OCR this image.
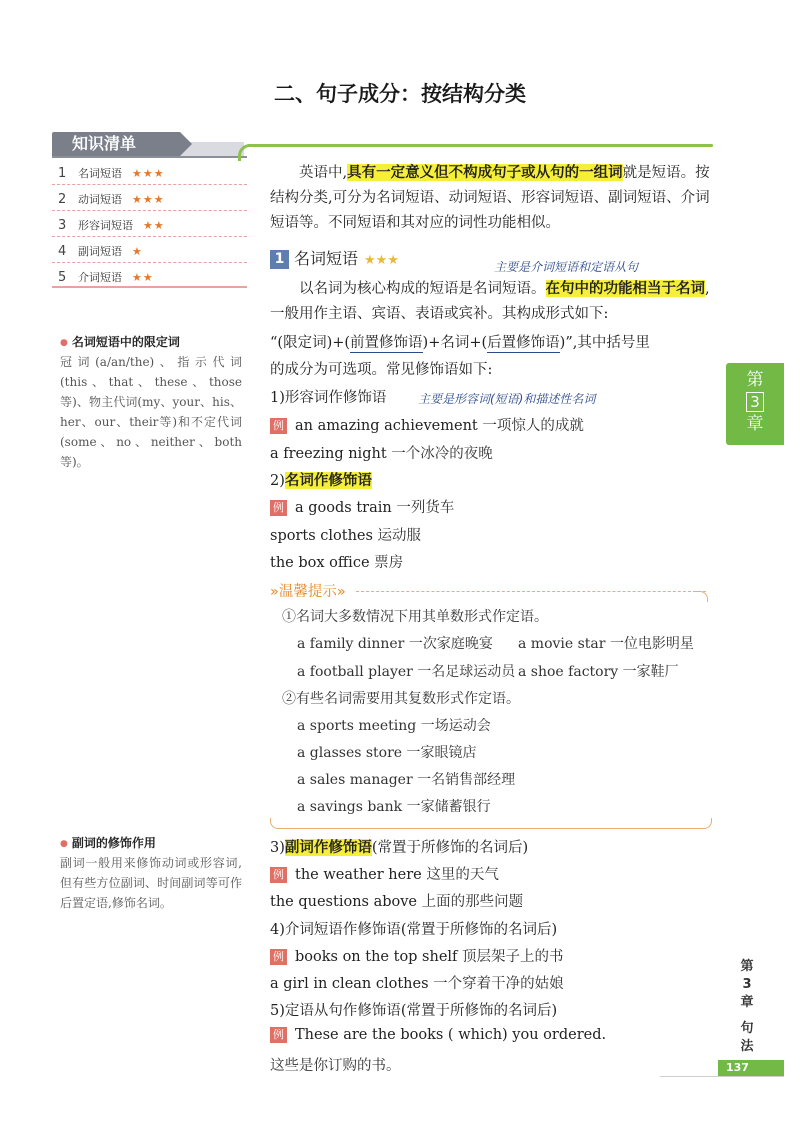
二、句子成分：按结构分类
知识清单
1	名词短语 ★★★
2	动词短语 ★★★
3	形容词短语 ★★
4	副词短语 ★
5	介词短语 ★★
英语中,具有一定意义但不构成句子或从句的一组词就是短语。按结构分类,可分为名词短语、动词短语、形容词短语、副词短语、介词短语等。不同短语和其对应的词性功能相似。
1 名词短语 ★★★	主要是介词短语和定语从句
以名词为核心构成的短语是名词短语。在句中的功能相当于名词,一般用作主语、宾语、表语或宾补。其构成形式如下:
“(限定词)+(前置修饰语)+名词+(后置修饰语)”,其中括号里
的成分为可选项。常见修饰语如下:
1)形容词作修饰语	主要是形容词(短语)和描述性名词
例 an amazing achievement 一项惊人的成就
a freezing night 一个冰冷的夜晚
2)名词作修饰语
例 a goods train 一列货车
sports clothes 运动服
the box office 票房
»温馨提示»
①名词大多数情况下用其单数形式作定语。
a family dinner 一次家庭晚宴 a movie star 一位电影明星
a football player 一名足球运动员 a shoe factory 一家鞋厂
②有些名词需要用其复数形式作定语。
a sports meeting 一场运动会
a glasses store 一家眼镜店
a sales manager 一名销售部经理
a savings bank 一家储蓄银行
3)副词作修饰语(常置于所修饰的名词后)
例 the weather here 这里的天气
the questions above 上面的那些问题
4)介词短语作修饰语(常置于所修饰的名词后)
例 books on the top shelf 顶层架子上的书
a girl in clean clothes 一个穿着干净的姑娘
5)定语从句作修饰语(常置于所修饰的名词后)
例 These are the books ( which) you ordered.
这些是你订购的书。
● 名词短语中的限定词
冠词(a/an/the)、指示代词(this、that、these、those等)、物主代词(my、your、his、her、our、their等)和不定代词(some、no、neither、both等)。
● 副词的修饰作用
副词一般用来修饰动词或形容词,但有些方位副词、时间副词等可作后置定语,修饰名词。
第
3
章
第
3
章
句
法
137
